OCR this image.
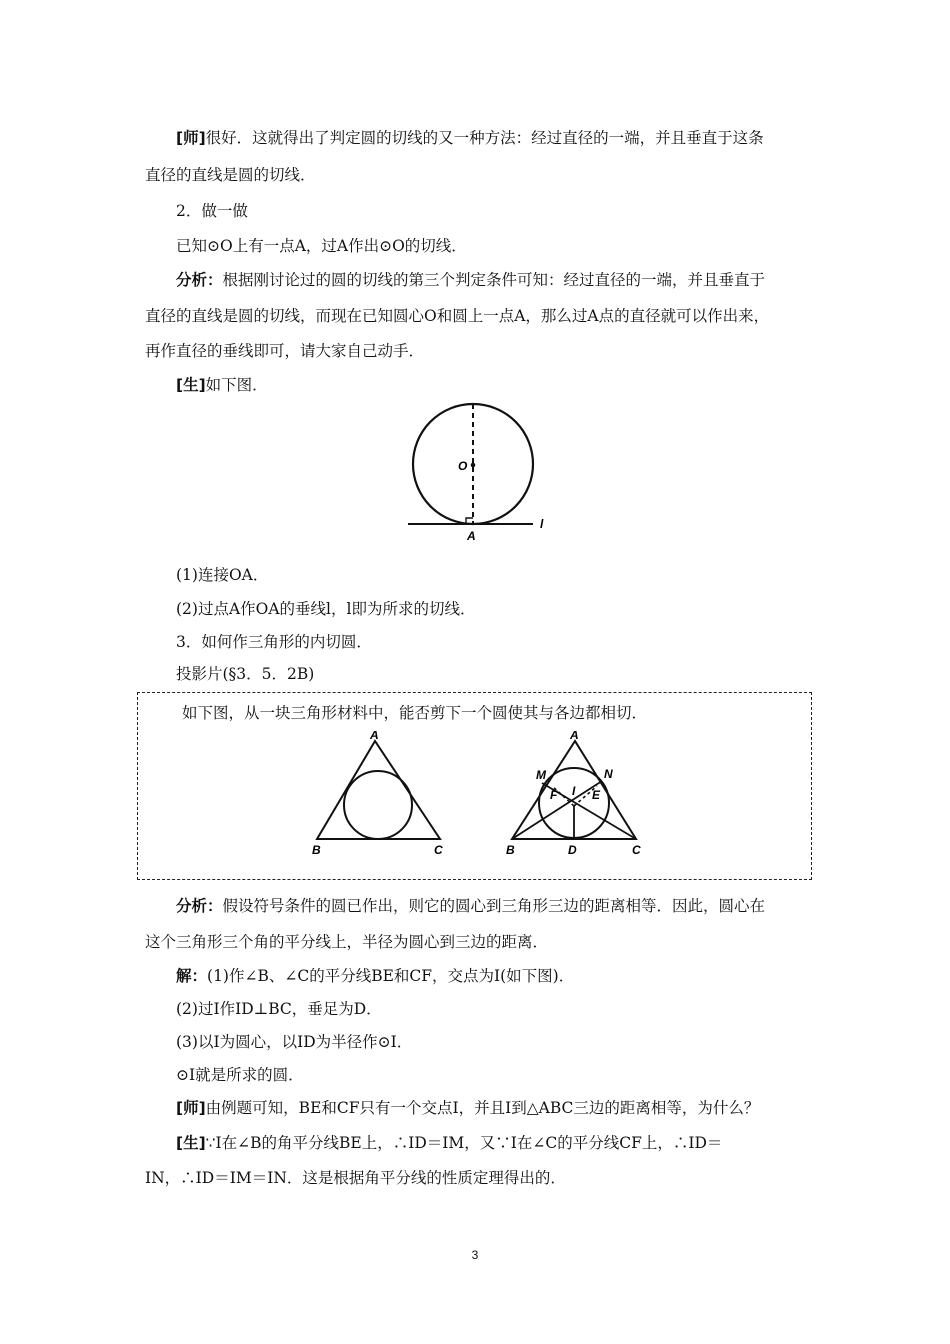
[师]很好．这就得出了判定圆的切线的又一种方法：经过直径的一端，并且垂直于这条
直径的直线是圆的切线．
2．做一做
已知⊙O上有一点A，过A作出⊙O的切线．
分析：根据刚讨论过的圆的切线的第三个判定条件可知：经过直径的一端，并且垂直于
直径的直线是圆的切线，而现在已知圆心O和圆上一点A，那么过A点的直径就可以作出来，
再作直径的垂线即可，请大家自己动手．
[生]如下图．
O
A
l
(1)连接OA．
(2)过点A作OA的垂线l，l即为所求的切线．
3．如何作三角形的内切圆．
投影片(§3．5．2B)
如下图，从一块三角形材料中，能否剪下一个圆使其与各边都相切．
A
B	C
A
M	N
F I E
B	D	C
分析：假设符号条件的圆已作出，则它的圆心到三角形三边的距离相等．因此，圆心在
这个三角形三个角的平分线上，半径为圆心到三边的距离．
解：(1)作∠B、∠C的平分线BE和CF，交点为I(如下图)．
(2)过I作ID⊥BC，垂足为D．
(3)以I为圆心，以ID为半径作⊙I．
⊙I就是所求的圆．
[师]由例题可知，BE和CF只有一个交点I，并且I到△ABC三边的距离相等，为什么？
[生]∵I在∠B的角平分线BE上，∴ID＝IM，又∵I在∠C的平分线CF上，∴ID＝
IN，∴ID＝IM＝IN．这是根据角平分线的性质定理得出的．
3
